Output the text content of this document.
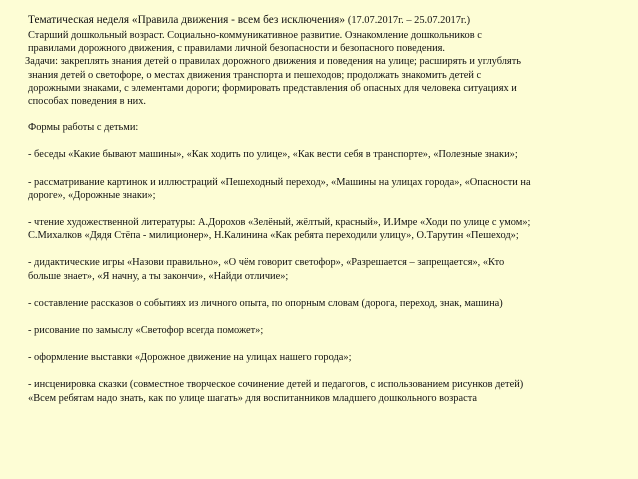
Тематическая неделя «Правила движения - всем без исключения» (17.07.2017г. – 25.07.2017г.)

Старший дошкольный возраст. Социально-коммуникативное развитие. Ознакомление дошкольников с

правилами дорожного движения, с правилами личной безопасности и безопасного поведения.

Задачи: закреплять знания детей о правилах дорожного движения и поведения на улице; расширять и углублять

знания детей о светофоре, о местах движения транспорта и пешеходов; продолжать знакомить детей с

дорожными знаками, с элементами дороги; формировать представления об опасных для человека ситуациях и

способах поведения в них.

Формы работы с детьми:

- беседы «Какие бывают машины», «Как ходить по улице», «Как вести себя в транспорте», «Полезные знаки»;

- рассматривание картинок и иллюстраций «Пешеходный переход», «Машины на улицах города», «Опасности на

дороге», «Дорожные знаки»;

- чтение художественной литературы: А.Дорохов «Зелёный, жёлтый, красный», И.Имре «Ходи по улице с умом»;

С.Михалков «Дядя Стёпа - милиционер», Н.Калинина «Как ребята переходили улицу», О.Тарутин «Пешеход»;

- дидактические игры «Назови правильно», «О чём говорит светофор», «Разрешается – запрещается», «Кто

больше знает», «Я начну, а ты закончи», «Найди отличие»;

- составление рассказов о событиях из личного опыта, по опорным словам (дорога, переход, знак, машина)

- рисование по замыслу «Светофор всегда поможет»;

- оформление выставки «Дорожное движение на улицах нашего города»;

- инсценировка сказки (совместное творческое сочинение детей и педагогов, с использованием рисунков детей)

«Всем ребятам надо знать, как по улице шагать» для воспитанников младшего дошкольного возраста
